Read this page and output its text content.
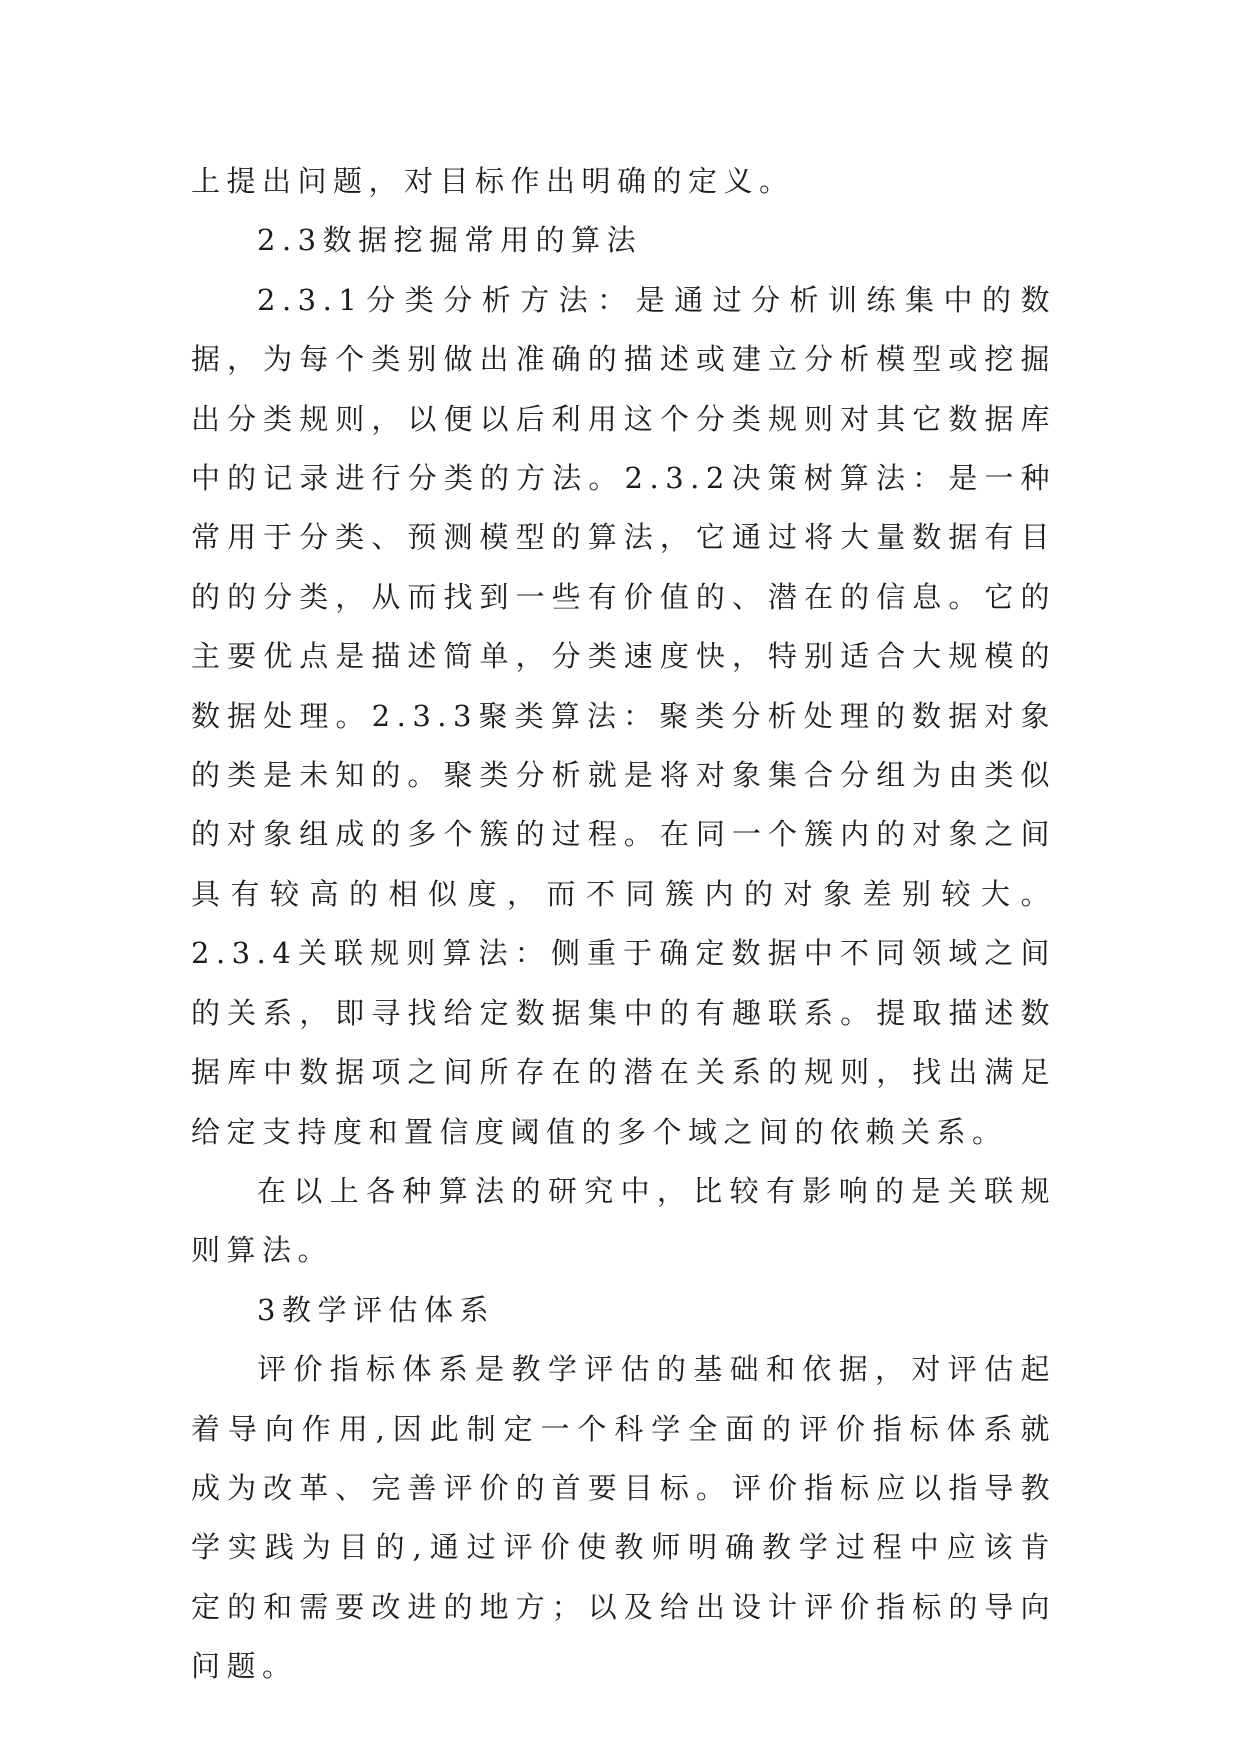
上提出问题，对目标作出明确的定义。

2.3数据挖掘常用的算法

2.3.1分类分析方法：是通过分析训练集中的数据，为每个类别做出准确的描述或建立分析模型或挖掘出分类规则，以便以后利用这个分类规则对其它数据库中的记录进行分类的方法。2.3.2决策树算法：是一种常用于分类、预测模型的算法，它通过将大量数据有目的的分类，从而找到一些有价值的、潜在的信息。它的主要优点是描述简单，分类速度快，特别适合大规模的数据处理。2.3.3聚类算法：聚类分析处理的数据对象的类是未知的。聚类分析就是将对象集合分组为由类似的对象组成的多个簇的过程。在同一个簇内的对象之间具有较高的相似度，而不同簇内的对象差别较大。2.3.4关联规则算法：侧重于确定数据中不同领域之间的关系，即寻找给定数据集中的有趣联系。提取描述数据库中数据项之间所存在的潜在关系的规则，找出满足给定支持度和置信度阈值的多个域之间的依赖关系。

在以上各种算法的研究中，比较有影响的是关联规则算法。

3教学评估体系

评价指标体系是教学评估的基础和依据，对评估起着导向作用,因此制定一个科学全面的评价指标体系就成为改革、完善评价的首要目标。评价指标应以指导教学实践为目的,通过评价使教师明确教学过程中应该肯定的和需要改进的地方；以及给出设计评价指标的导向问题。
